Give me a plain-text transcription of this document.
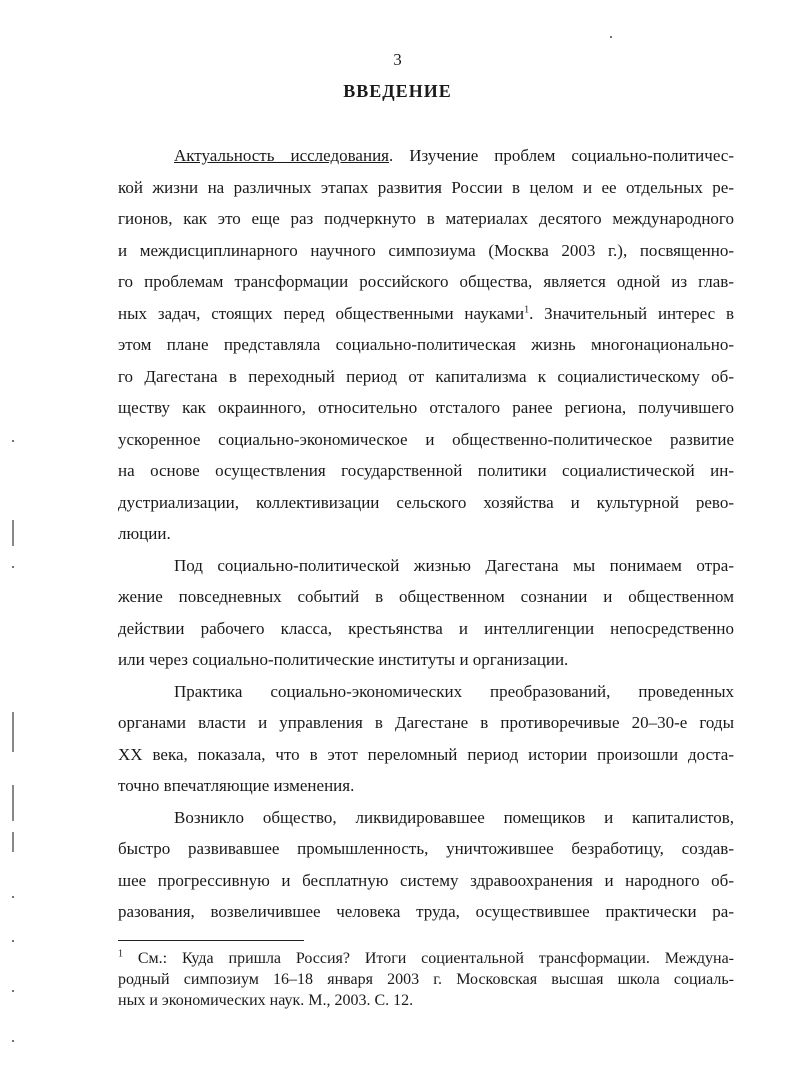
3
ВВЕДЕНИЕ
Актуальность исследования. Изучение проблем социально-политичес-
кой жизни на различных этапах развития России в целом и ее отдельных ре-
гионов, как это еще раз подчеркнуто в материалах десятого международного
и междисциплинарного научного симпозиума (Москва 2003 г.), посвященно-
го проблемам трансформации российского общества, является одной из глав-
ных задач, стоящих перед общественными науками$^1$. Значительный интерес в
этом плане представляла социально-политическая жизнь многонационально-
го Дагестана в переходный период от капитализма к социалистическому об-
ществу как окраинного, относительно отсталого ранее региона, получившего
ускоренное социально-экономическое и общественно-политическое развитие
на основе осуществления государственной политики социалистической ин-
дустриализации, коллективизации сельского хозяйства и культурной рево-
люции.
Под социально-политической жизнью Дагестана мы понимаем отра-
жение повседневных событий в общественном сознании и общественном
действии рабочего класса, крестьянства и интеллигенции непосредственно
или через социально-политические институты и организации.
Практика социально-экономических преобразований, проведенных
органами власти и управления в Дагестане в противоречивые 20–30-е годы
XX века, показала, что в этот переломный период истории произошли доста-
точно впечатляющие изменения.
Возникло общество, ликвидировавшее помещиков и капиталистов,
быстро развивавшее промышленность, уничтожившее безработицу, создав-
шее прогрессивную и бесплатную систему здравоохранения и народного об-
разования, возвеличившее человека труда, осуществившее практически ра-
$^1$ См.: Куда пришла Россия? Итоги социентальной трансформации. Междуна-
родный симпозиум 16–18 января 2003 г. Московская высшая школа социаль-
ных и экономических наук. М., 2003. С. 12.
